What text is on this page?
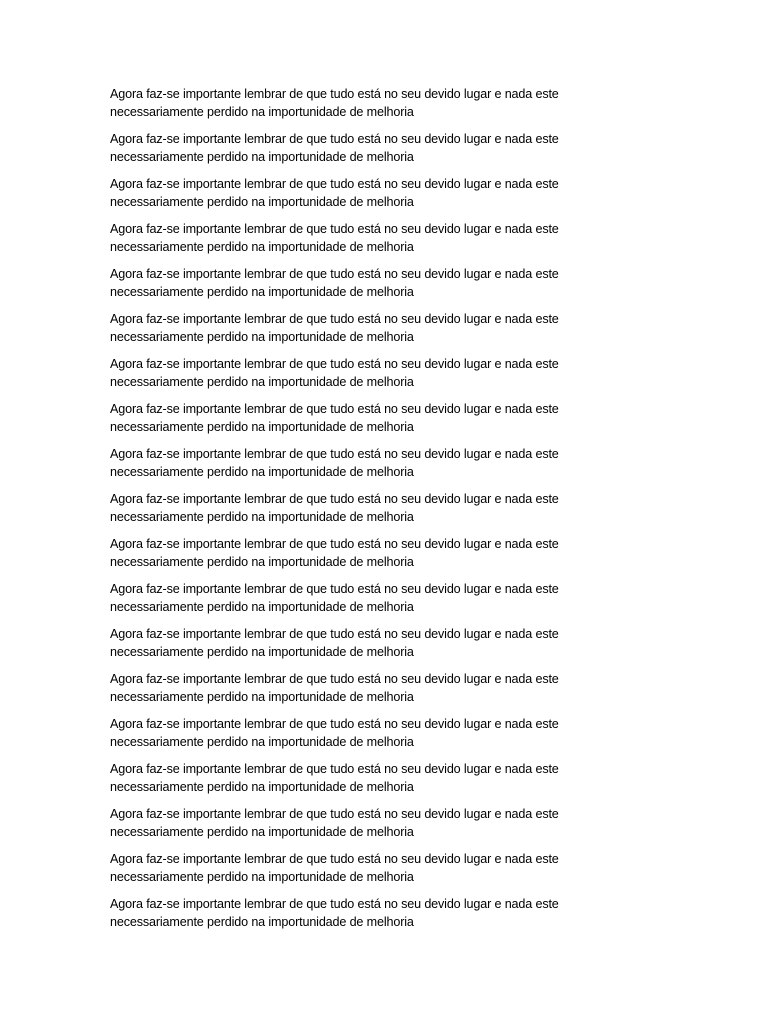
Agora faz-se importante lembrar de que tudo está no seu devido lugar e nada este
necessariamente perdido na importunidade de melhoria

Agora faz-se importante lembrar de que tudo está no seu devido lugar e nada este
necessariamente perdido na importunidade de melhoria

Agora faz-se importante lembrar de que tudo está no seu devido lugar e nada este
necessariamente perdido na importunidade de melhoria

Agora faz-se importante lembrar de que tudo está no seu devido lugar e nada este
necessariamente perdido na importunidade de melhoria

Agora faz-se importante lembrar de que tudo está no seu devido lugar e nada este
necessariamente perdido na importunidade de melhoria

Agora faz-se importante lembrar de que tudo está no seu devido lugar e nada este
necessariamente perdido na importunidade de melhoria

Agora faz-se importante lembrar de que tudo está no seu devido lugar e nada este
necessariamente perdido na importunidade de melhoria

Agora faz-se importante lembrar de que tudo está no seu devido lugar e nada este
necessariamente perdido na importunidade de melhoria

Agora faz-se importante lembrar de que tudo está no seu devido lugar e nada este
necessariamente perdido na importunidade de melhoria

Agora faz-se importante lembrar de que tudo está no seu devido lugar e nada este
necessariamente perdido na importunidade de melhoria

Agora faz-se importante lembrar de que tudo está no seu devido lugar e nada este
necessariamente perdido na importunidade de melhoria

Agora faz-se importante lembrar de que tudo está no seu devido lugar e nada este
necessariamente perdido na importunidade de melhoria

Agora faz-se importante lembrar de que tudo está no seu devido lugar e nada este
necessariamente perdido na importunidade de melhoria

Agora faz-se importante lembrar de que tudo está no seu devido lugar e nada este
necessariamente perdido na importunidade de melhoria

Agora faz-se importante lembrar de que tudo está no seu devido lugar e nada este
necessariamente perdido na importunidade de melhoria

Agora faz-se importante lembrar de que tudo está no seu devido lugar e nada este
necessariamente perdido na importunidade de melhoria

Agora faz-se importante lembrar de que tudo está no seu devido lugar e nada este
necessariamente perdido na importunidade de melhoria

Agora faz-se importante lembrar de que tudo está no seu devido lugar e nada este
necessariamente perdido na importunidade de melhoria

Agora faz-se importante lembrar de que tudo está no seu devido lugar e nada este
necessariamente perdido na importunidade de melhoria
